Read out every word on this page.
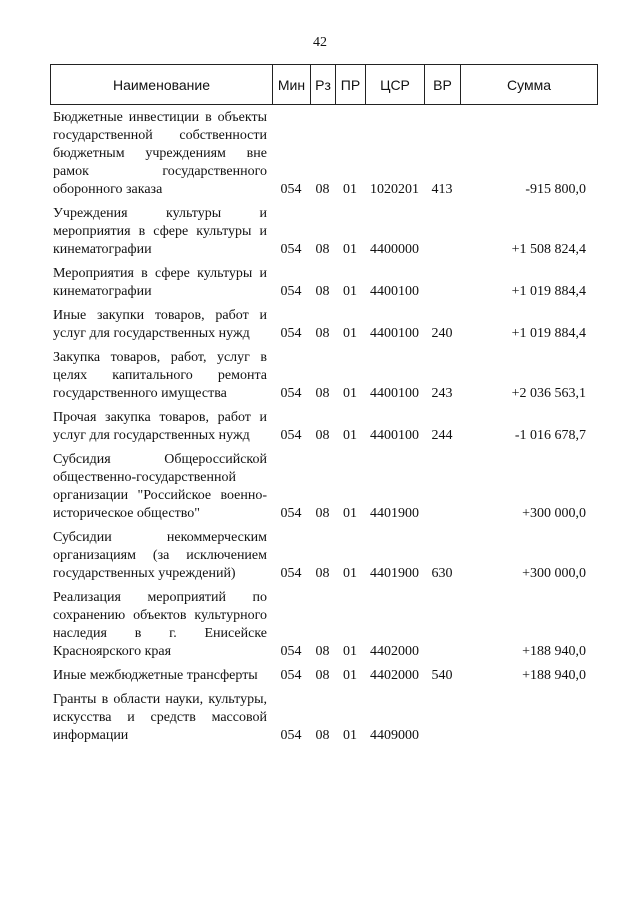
42
Наименование	Мин Рз ПР	ЦСР	ВР	Сумма
Бюджетные инвестиции в объекты государственной собственности бюджетным учреждениям вне рамок государственного оборонного заказа	054	08 01 1020201 413	-915 800,0
Учреждения культуры и мероприятия в сфере культуры и кинематографии	054	08 01 4400000	+1 508 824,4
Мероприятия в сфере культуры и кинематографии	054	08 01 4400100	+1 019 884,4
Иные закупки товаров, работ и услуг для государственных нужд	054	08 01 4400100 240	+1 019 884,4
Закупка товаров, работ, услуг в целях капитального ремонта государственного имущества	054	08 01 4400100 243	+2 036 563,1
Прочая закупка товаров, работ и услуг для государственных нужд	054	08 01 4400100 244	-1 016 678,7
Субсидия Общероссийской общественно-государственной организации "Российское военно-историческое общество"	054	08 01 4401900	+300 000,0
Субсидии некоммерческим организациям (за исключением государственных учреждений)	054	08 01 4401900 630	+300 000,0
Реализация мероприятий по сохранению объектов культурного наследия в г. Енисейске Красноярского края	054	08 01 4402000	+188 940,0
Иные межбюджетные трансферты	054	08 01 4402000 540	+188 940,0
Гранты в области науки, культуры, искусства и средств массовой информации	054	08 01 4409000
